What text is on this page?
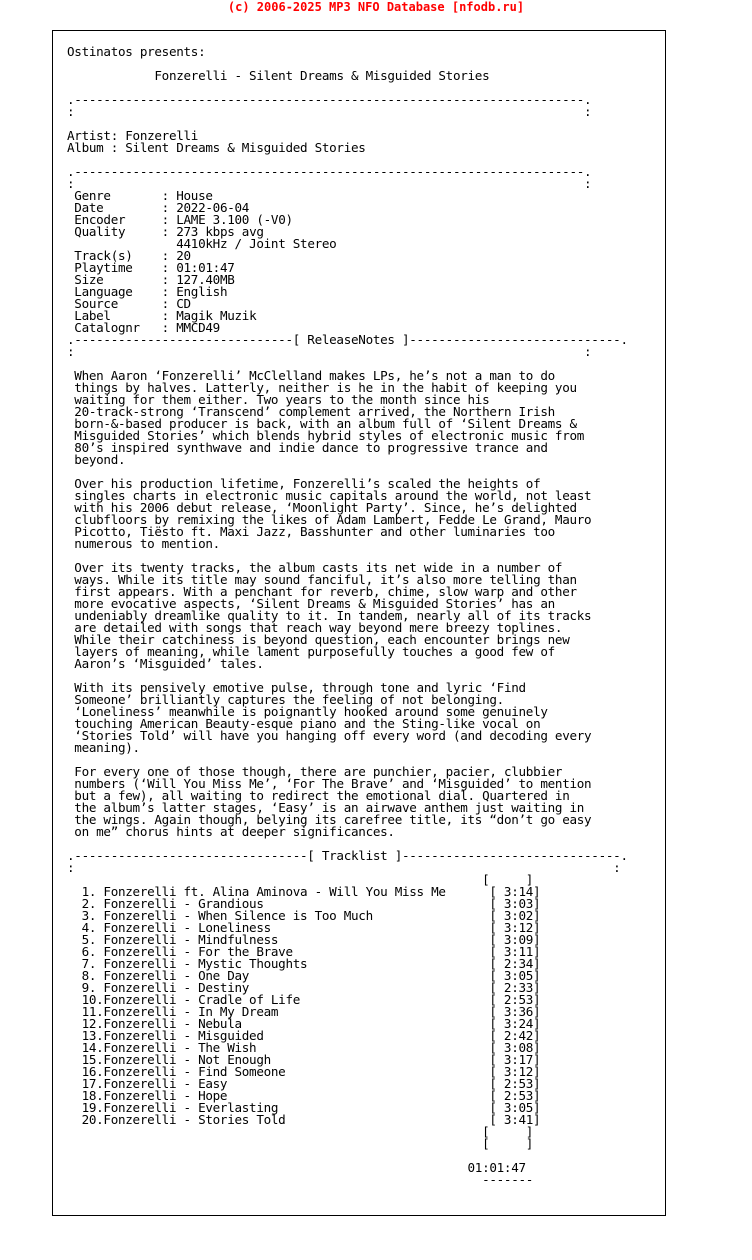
(c) 2006-2025 MP3 NFO Database [nfodb.ru]
Ostinatos presents:

Fonzerelli - Silent Dreams & Misguided Stories

.----------------------------------------------------------------------.
:                                                                      :

Artist: Fonzerelli
Album : Silent Dreams & Misguided Stories

.----------------------------------------------------------------------.
:                                                                      :
Genre       : House
Date        : 2022-06-04
Encoder     : LAME 3.100 (-V0)
Quality     : 273 kbps avg
4410kHz / Joint Stereo
Track(s)    : 20
Playtime    : 01:01:47
Size        : 127.40MB
Language    : English
Source      : CD
Label       : Magik Muzik
Catalognr   : MMCD49
.------------------------------[ ReleaseNotes ]-----------------------------.
:                                                                      :

When Aaron ‘Fonzerelli’ McClelland makes LPs, he’s not a man to do
things by halves. Latterly, neither is he in the habit of keeping you
waiting for them either. Two years to the month since his
20-track-strong ‘Transcend’ complement arrived, the Northern Irish
born-&-based producer is back, with an album full of ‘Silent Dreams &
Misguided Stories’ which blends hybrid styles of electronic music from
80’s inspired synthwave and indie dance to progressive trance and
beyond.

Over his production lifetime, Fonzerelli’s scaled the heights of
singles charts in electronic music capitals around the world, not least
with his 2006 debut release, ‘Moonlight Party’. Since, he’s delighted
clubfloors by remixing the likes of Adam Lambert, Fedde Le Grand, Mauro
Picotto, Tiësto ft. Maxi Jazz, Basshunter and other luminaries too
numerous to mention.

Over its twenty tracks, the album casts its net wide in a number of
ways. While its title may sound fanciful, it’s also more telling than
first appears. With a penchant for reverb, chime, slow warp and other
more evocative aspects, ‘Silent Dreams & Misguided Stories’ has an
undeniably dreamlike quality to it. In tandem, nearly all of its tracks
are detailed with songs that reach way beyond mere breezy toplines.
While their catchiness is beyond question, each encounter brings new
layers of meaning, while lament purposefully touches a good few of
Aaron’s ‘Misguided’ tales.

With its pensively emotive pulse, through tone and lyric ‘Find
Someone’ brilliantly captures the feeling of not belonging.
‘Loneliness’ meanwhile is poignantly hooked around some genuinely
touching American Beauty-esque piano and the Sting-like vocal on
‘Stories Told’ will have you hanging off every word (and decoding every
meaning).

For every one of those though, there are punchier, pacier, clubbier
numbers (‘Will You Miss Me’, ‘For The Brave’ and ‘Misguided’ to mention
but a few), all waiting to redirect the emotional dial. Quartered in
the album’s latter stages, ‘Easy’ is an airwave anthem just waiting in
the wings. Again though, belying its carefree title, its “don’t go easy
on me” chorus hints at deeper significances.

.--------------------------------[ Tracklist ]------------------------------.
:                                                                          :
[     ]
1. Fonzerelli ft. Alina Aminova - Will You Miss Me      [ 3:14]
2. Fonzerelli - Grandious                               [ 3:03]
3. Fonzerelli - When Silence is Too Much                [ 3:02]
4. Fonzerelli - Loneliness                              [ 3:12]
5. Fonzerelli - Mindfulness                             [ 3:09]
6. Fonzerelli - For the Brave                           [ 3:11]
7. Fonzerelli - Mystic Thoughts                         [ 2:34]
8. Fonzerelli - One Day                                 [ 3:05]
9. Fonzerelli - Destiny                                 [ 2:33]
10.Fonzerelli - Cradle of Life                          [ 2:53]
11.Fonzerelli - In My Dream                             [ 3:36]
12.Fonzerelli - Nebula                                  [ 3:24]
13.Fonzerelli - Misguided                               [ 2:42]
14.Fonzerelli - The Wish                                [ 3:08]
15.Fonzerelli - Not Enough                              [ 3:17]
16.Fonzerelli - Find Someone                            [ 3:12]
17.Fonzerelli - Easy                                    [ 2:53]
18.Fonzerelli - Hope                                    [ 2:53]
19.Fonzerelli - Everlasting                             [ 3:05]
20.Fonzerelli - Stories Told                            [ 3:41]
[     ]
[     ]

01:01:47
-------
